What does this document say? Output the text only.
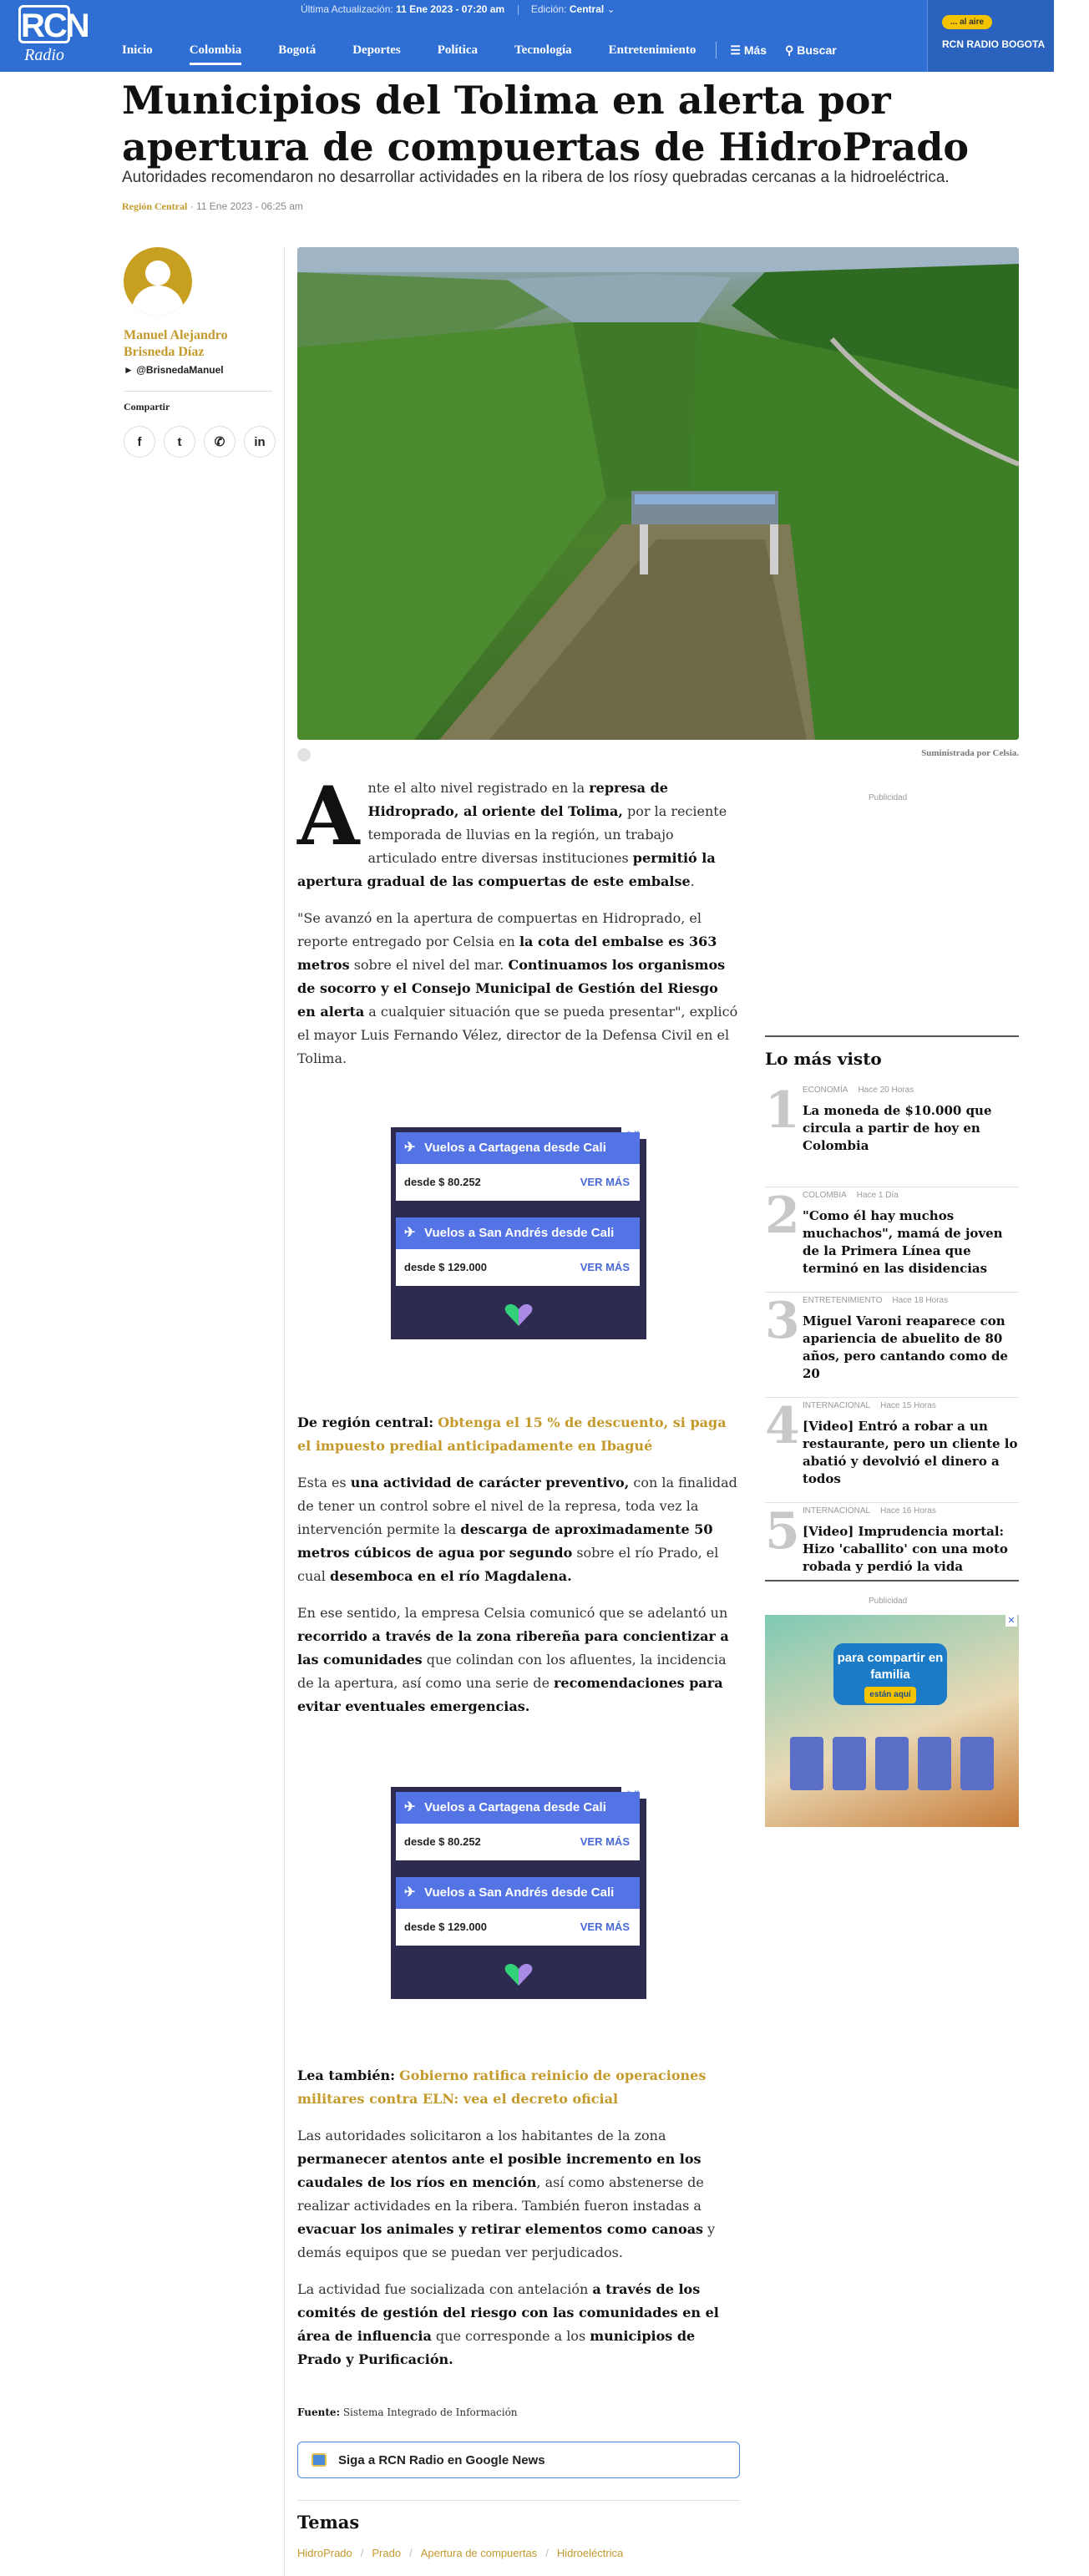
RCN
Radio
Última Actualización: 11 Ene 2023 - 07:20 am	Edición: Central ⌄
Inicio	Colombia	Bogotá	Deportes	Política	Tecnología	Entretenimiento	☰ Más ⚲ Buscar
... al aire
RCN RADIO BOGOTA
Municipios del Tolima en alerta por apertura de compuertas de HidroPrado

Autoridades recomendaron no desarrollar actividades en la ribera de los ríosy quebradas cercanas a la hidroeléctrica.

Región Central · 11 Ene 2023 - 06:25 am
Manuel Alejandro Brisneda Díaz
► @BrisnedaManuel
Compartir
f	t	✆	in
Suministrada por Celsia.

A nte el alto nivel registrado en la represa de Hidroprado, al oriente del Tolima, por la reciente temporada de lluvias en la región, un trabajo articulado entre diversas instituciones permitió la apertura gradual de las compuertas de este embalse.

"Se avanzó en la apertura de compuertas en Hidroprado, el reporte entregado por Celsia en la cota del embalse es 363 metros sobre el nivel del mar. Continuamos los organismos de socorro y el Consejo Municipal de Gestión del Riesgo en alerta a cualquier situación que se pueda presentar", explicó el mayor Luis Fernando Vélez, director de la Defensa Civil en el Tolima.

✈ Vuelos a Cartagena desde Cali
desde $ 80.252	VER MÁS
✈ Vuelos a San Andrés desde Cali
desde $ 129.000	VER MÁS

De región central: Obtenga el 15 % de descuento, si paga el impuesto predial anticipadamente en Ibagué

Esta es una actividad de carácter preventivo, con la finalidad de tener un control sobre el nivel de la represa, toda vez la intervención permite la descarga de aproximadamente 50 metros cúbicos de agua por segundo sobre el río Prado, el cual desemboca en el río Magdalena.

En ese sentido, la empresa Celsia comunicó que se adelantó un recorrido a través de la zona ribereña para concientizar a las comunidades que colindan con los afluentes, la incidencia de la apertura, así como una serie de recomendaciones para evitar eventuales emergencias.

✈ Vuelos a Cartagena desde Cali
desde $ 80.252	VER MÁS
✈ Vuelos a San Andrés desde Cali
desde $ 129.000	VER MÁS

Lea también: Gobierno ratifica reinicio de operaciones militares contra ELN: vea el decreto oficial

Las autoridades solicitaron a los habitantes de la zona permanecer atentos ante el posible incremento en los caudales de los ríos en mención, así como abstenerse de realizar actividades en la ribera. También fueron instadas a evacuar los animales y retirar elementos como canoas y demás equipos que se puedan ver perjudicados.

La actividad fue socializada con antelación a través de los comités de gestión del riesgo con las comunidades en el área de influencia que corresponde a los municipios de Prado y Purificación.

Fuente: Sistema Integrado de Información
Siga a RCN Radio en Google News
Temas
HidroPrado / Prado / Apertura de compuertas / Hidroeléctrica
Publicidad
Lo más visto
1 ECONOMÍA Hace 20 Horas
La moneda de $10.000 que circula a partir de hoy en Colombia
2 COLOMBIA Hace 1 Día
"Como él hay muchos muchachos", mamá de joven de la Primera Línea que terminó en las disidencias
3 ENTRETENIMIENTO Hace 18 Horas
Miguel Varoni reaparece con apariencia de abuelito de 80 años, pero cantando como de 20
4 INTERNACIONAL Hace 15 Horas
[Video] Entró a robar a un restaurante, pero un cliente lo abatió y devolvió el dinero a todos
5 INTERNACIONAL Hace 16 Horas
[Video] Imprudencia mortal: Hizo 'caballito' con una moto robada y perdió la vida
Publicidad
✕
para compartir en familia
están aquí
